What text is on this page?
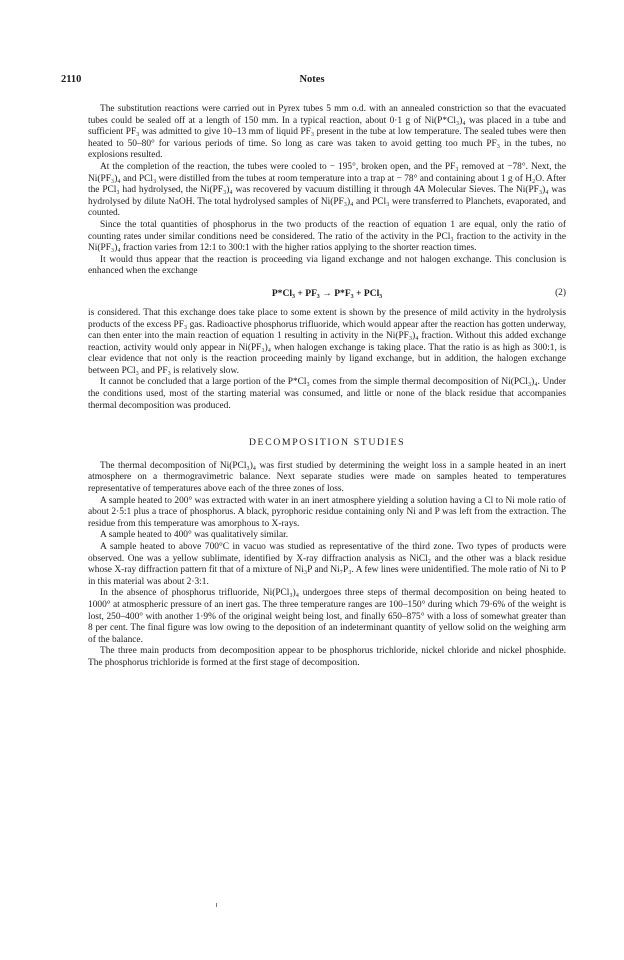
2110	Notes

The substitution reactions were carried out in Pyrex tubes 5 mm o.d. with an annealed constriction so that the evacuated tubes could be sealed off at a length of 150 mm. In a typical reaction, about 0·1 g of Ni(P*Cl₃)₄ was placed in a tube and sufficient PF₃ was admitted to give 10–13 mm of liquid PF₃ present in the tube at low temperature. The sealed tubes were then heated to 50–80° for various periods of time. So long as care was taken to avoid getting too much PF₃ in the tubes, no explosions resulted.

At the completion of the reaction, the tubes were cooled to − 195°, broken open, and the PF₃ removed at −78°. Next, the Ni(PF₃)₄ and PCl₃ were distilled from the tubes at room temperature into a trap at − 78° and containing about 1 g of H₂O. After the PCl₃ had hydrolysed, the Ni(PF₃)₄ was recovered by vacuum distilling it through 4A Molecular Sieves. The Ni(PF₃)₄ was hydrolysed by dilute NaOH. The total hydrolysed samples of Ni(PF₃)₄ and PCl₃ were transferred to Planchets, evaporated, and counted.

Since the total quantities of phosphorus in the two products of the reaction of equation 1 are equal, only the ratio of counting rates under similar conditions need be considered. The ratio of the activity in the PCl₃ fraction to the activity in the Ni(PF₃)₄ fraction varies from 12:1 to 300:1 with the higher ratios applying to the shorter reaction times.

It would thus appear that the reaction is proceeding via ligand exchange and not halogen exchange. This conclusion is enhanced when the exchange

P*Cl₃ + PF₃ → P*F₃ + PCl₃	(2)

is considered. That this exchange does take place to some extent is shown by the presence of mild activity in the hydrolysis products of the excess PF₃ gas. Radioactive phosphorus trifluoride, which would appear after the reaction has gotten underway, can then enter into the main reaction of equation 1 resulting in activity in the Ni(PF₃)₄ fraction. Without this added exchange reaction, activity would only appear in Ni(PF₃)₄ when halogen exchange is taking place. That the ratio is as high as 300:1, is clear evidence that not only is the reaction proceeding mainly by ligand exchange, but in addition, the halogen exchange between PCl₃ and PF₃ is relatively slow.

It cannot be concluded that a large portion of the P*Cl₃ comes from the simple thermal decomposition of Ni(PCl₃)₄. Under the conditions used, most of the starting material was consumed, and little or none of the black residue that accompanies thermal decomposition was produced.

DECOMPOSITION STUDIES

The thermal decomposition of Ni(PCl₃)₄ was first studied by determining the weight loss in a sample heated in an inert atmosphere on a thermogravimetric balance. Next separate studies were made on samples heated to temperatures representative of temperatures above each of the three zones of loss.

A sample heated to 200° was extracted with water in an inert atmosphere yielding a solution having a Cl to Ni mole ratio of about 2·5:1 plus a trace of phosphorus. A black, pyrophoric residue containing only Ni and P was left from the extraction. The residue from this temperature was amorphous to X-rays.

A sample heated to 400° was qualitatively similar.

A sample heated to above 700°C in vacuo was studied as representative of the third zone. Two types of products were observed. One was a yellow sublimate, identified by X-ray diffraction analysis as NiCl₂ and the other was a black residue whose X-ray diffraction pattern fit that of a mixture of Ni₃P and Ni₇P₃. A few lines were unidentified. The mole ratio of Ni to P in this material was about 2·3:1.

In the absence of phosphorus trifluoride, Ni(PCl₃)₄ undergoes three steps of thermal decomposition on being heated to 1000° at atmospheric pressure of an inert gas. The three temperature ranges are 100–150° during which 79·6% of the weight is lost, 250–400° with another 1·9% of the original weight being lost, and finally 650–875° with a loss of somewhat greater than 8 per cent. The final figure was low owing to the deposition of an indeterminant quantity of yellow solid on the weighing arm of the balance.

The three main products from decomposition appear to be phosphorus trichloride, nickel chloride and nickel phosphide. The phosphorus trichloride is formed at the first stage of decomposition.
